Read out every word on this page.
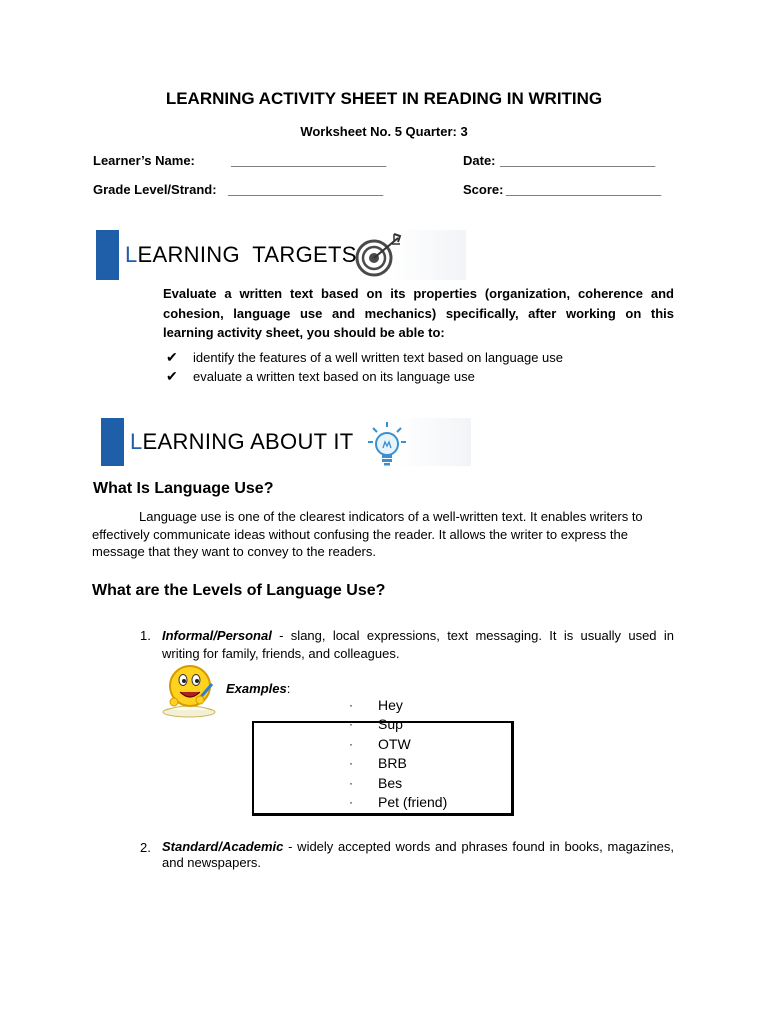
LEARNING ACTIVITY SHEET IN READING IN WRITING
Worksheet No. 5 Quarter: 3
Learner’s Name:	_______________________	Date: _______________________
Grade Level/Strand: _______________________	Score: _______________________
LEARNING  TARGETS
Evaluate a written text based on its properties (organization, coherence and cohesion, language use and mechanics) specifically, after working on this learning activity sheet, you should be able to:
✔	identify the features of a well written text based on language use
✔	evaluate a written text based on its language use
LEARNING ABOUT IT
What Is Language Use?
Language use is one of the clearest indicators of a well-written text. It enables writers to effectively communicate ideas without confusing the reader. It allows the writer to express the message that they want to convey to the readers.
What are the Levels of Language Use?
1. Informal/Personal - slang, local expressions, text messaging. It is usually used in writing for family, friends, and colleagues.
Examples:
·	Hey
·	Sup
·	OTW
·	BRB
·	Bes
·	Pet (friend)
2. Standard/Academic - widely accepted words and phrases found in books, magazines, and newspapers.
